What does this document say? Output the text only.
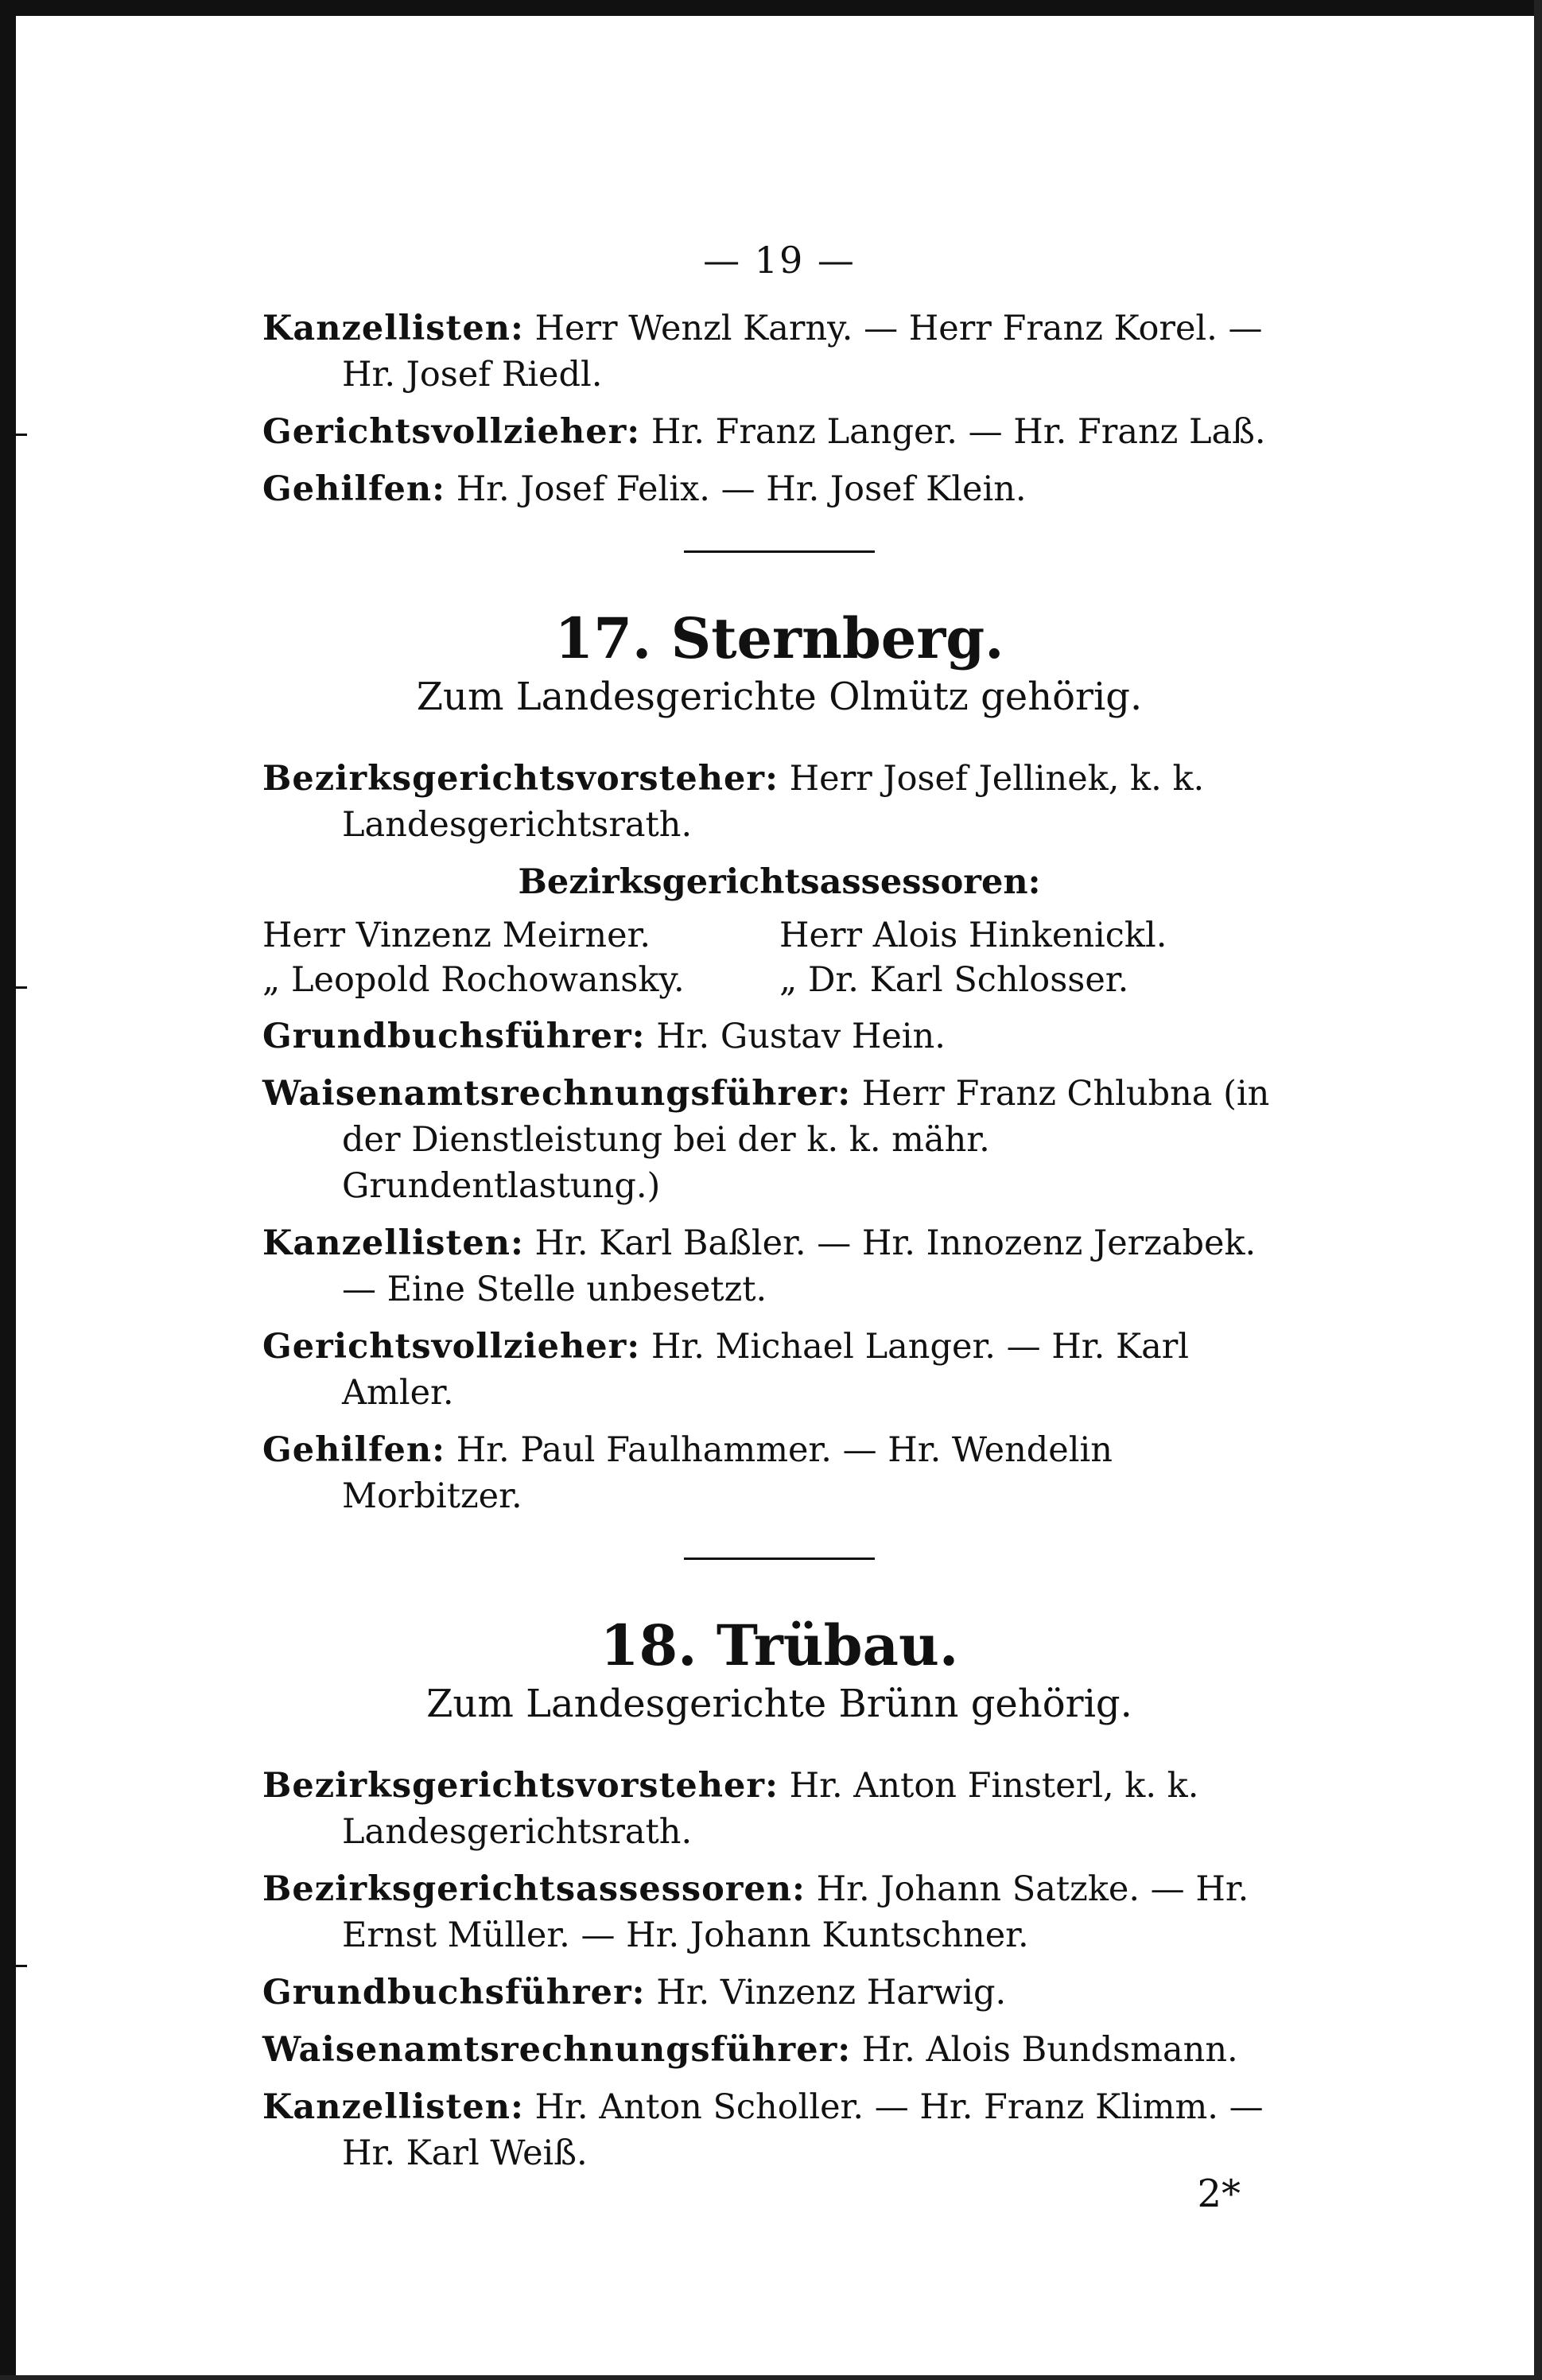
— 19 —
Kanzellisten: Herr Wenzl Karny. — Herr Franz Korel. — Hr. Josef Riedl.
Gerichtsvollzieher: Hr. Franz Langer. — Hr. Franz Laß.
Gehilfen: Hr. Josef Felix. — Hr. Josef Klein.
17. Sternberg.
Zum Landesgerichte Olmütz gehörig.
Bezirksgerichtsvorsteher: Herr Josef Jellinek, k. k. Landesgerichtsrath.
Bezirksgerichtsassessoren:
Herr Vinzenz Meirner.
„ Leopold Rochowansky.
Herr Alois Hinkenickl.
„ Dr. Karl Schlosser.
Grundbuchsführer: Hr. Gustav Hein.
Waisenamtsrechnungsführer: Herr Franz Chlubna (in der Dienstleistung bei der k. k. mähr. Grundentlastung.)
Kanzellisten: Hr. Karl Baßler. — Hr. Innozenz Jerzabek. — Eine Stelle unbesetzt.
Gerichtsvollzieher: Hr. Michael Langer. — Hr. Karl Amler.
Gehilfen: Hr. Paul Faulhammer. — Hr. Wendelin Morbitzer.
18. Trübau.
Zum Landesgerichte Brünn gehörig.
Bezirksgerichtsvorsteher: Hr. Anton Finsterl, k. k. Landesgerichtsrath.
Bezirksgerichtsassessoren: Hr. Johann Satzke. — Hr. Ernst Müller. — Hr. Johann Kuntschner.
Grundbuchsführer: Hr. Vinzenz Harwig.
Waisenamtsrechnungsführer: Hr. Alois Bundsmann.
Kanzellisten: Hr. Anton Scholler. — Hr. Franz Klimm. — Hr. Karl Weiß.
2*
